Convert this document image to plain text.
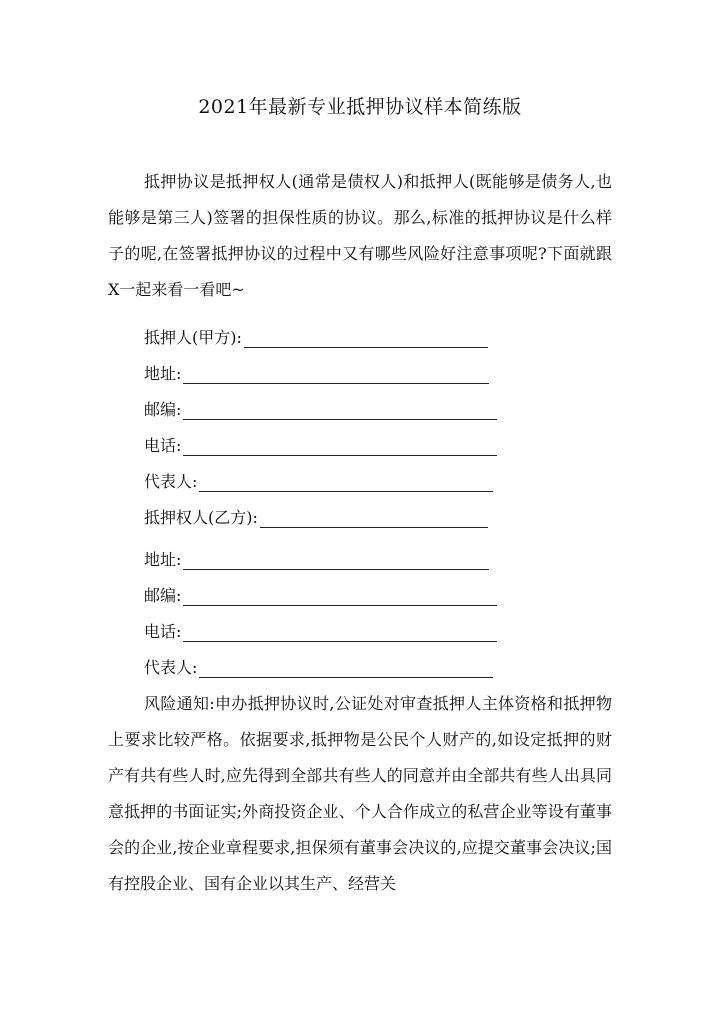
2021年最新专业抵押协议样本简练版
抵押协议是抵押权人(通常是债权人)和抵押人(既能够是债务人,也能够是第三人)签署的担保性质的协议。那么,标准的抵押协议是什么样子的呢,在签署抵押协议的过程中又有哪些风险好注意事项呢?下面就跟X一起来看一看吧~
抵押人(甲方):
地址:
邮编:
电话:
代表人:
抵押权人(乙方):
地址:
邮编:
电话:
代表人:
风险通知:申办抵押协议时,公证处对审查抵押人主体资格和抵押物上要求比较严格。依据要求,抵押物是公民个人财产的,如设定抵押的财产有共有些人时,应先得到全部共有些人的同意并由全部共有些人出具同意抵押的书面证实;外商投资企业、个人合作成立的私营企业等设有董事会的企业,按企业章程要求,担保须有董事会决议的,应提交董事会决议;国有控股企业、国有企业以其生产、经营关
